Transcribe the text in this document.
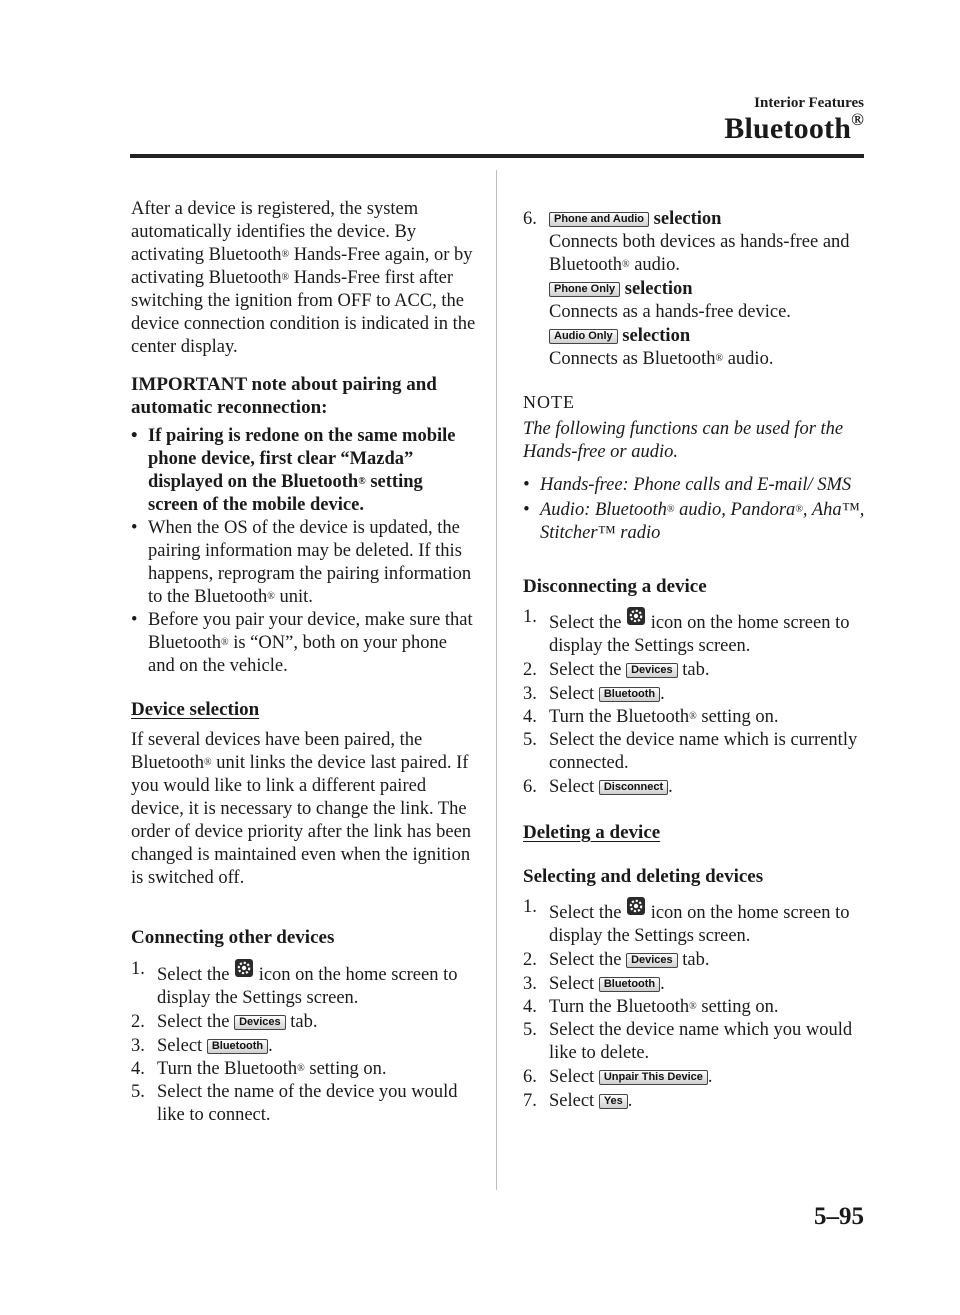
Interior Features
Bluetooth®

After a device is registered, the system automatically identifies the device. By activating Bluetooth® Hands-Free again, or by activating Bluetooth® Hands-Free first after switching the ignition from OFF to ACC, the device connection condition is indicated in the center display.

IMPORTANT note about pairing and automatic reconnection:

• If pairing is redone on the same mobile phone device, first clear “Mazda” displayed on the Bluetooth® setting screen of the mobile device.
• When the OS of the device is updated, the pairing information may be deleted. If this happens, reprogram the pairing information to the Bluetooth® unit.
• Before you pair your device, make sure that Bluetooth® is “ON”, both on your phone and on the vehicle.

Device selection

If several devices have been paired, the Bluetooth® unit links the device last paired. If you would like to link a different paired device, it is necessary to change the link. The order of device priority after the link has been changed is maintained even when the ignition is switched off.

Connecting other devices

1. Select the icon on the home screen to display the Settings screen.
2. Select the Devices tab.
3. Select Bluetooth .
4. Turn the Bluetooth® setting on.
5. Select the name of the device you would like to connect.
6.	Phone and Audio selection
Connects both devices as hands-free and Bluetooth® audio.
Phone Only selection
Connects as a hands-free device.
Audio Only selection
Connects as Bluetooth® audio.

NOTE

The following functions can be used for the Hands-free or audio.

• Hands-free: Phone calls and E-mail/ SMS
• Audio: Bluetooth® audio, Pandora®, Aha™, Stitcher™ radio

Disconnecting a device

1. Select the icon on the home screen to display the Settings screen.
2. Select the Devices tab.
3. Select Bluetooth .
4. Turn the Bluetooth® setting on.
5. Select the device name which is currently connected.
6. Select Disconnect .

Deleting a device

Selecting and deleting devices

1. Select the icon on the home screen to display the Settings screen.
2. Select the Devices tab.
3. Select Bluetooth .
4. Turn the Bluetooth® setting on.
5. Select the device name which you would like to delete.
6. Select Unpair This Device .
7. Select Yes .
5–95
